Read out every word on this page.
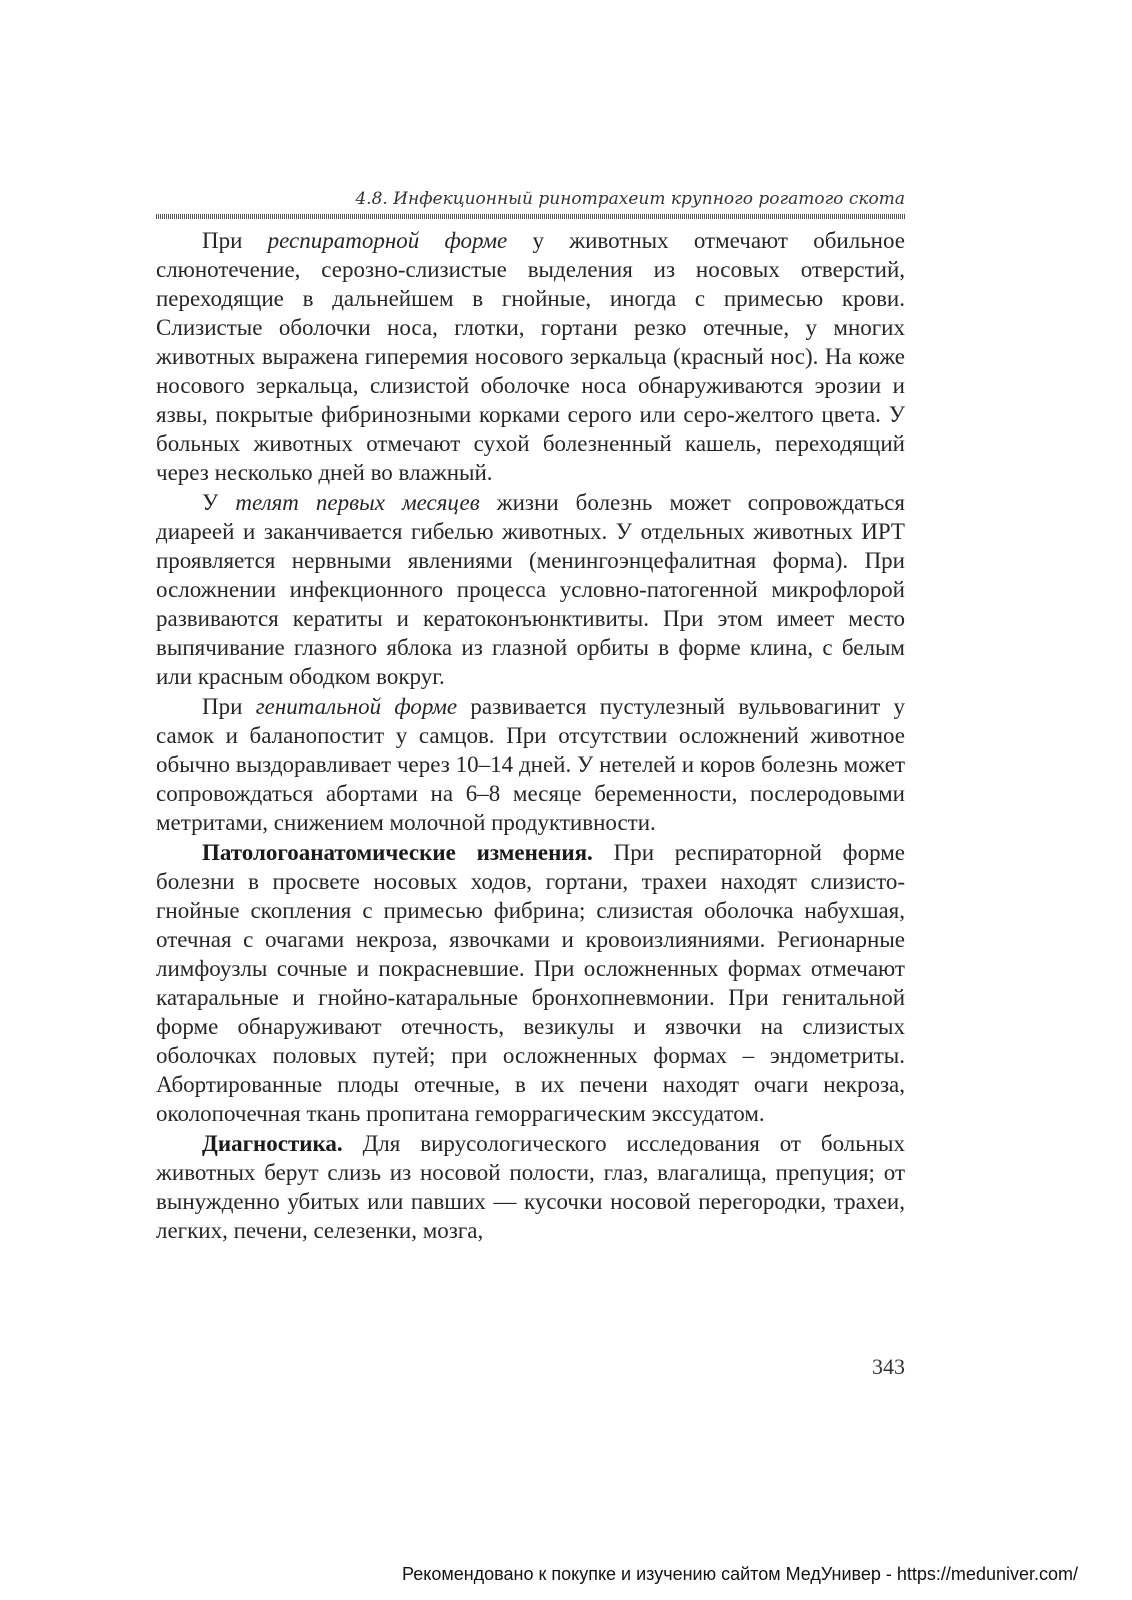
4.8. Инфекционный ринотрахеит крупного рогатого скота

При респираторной форме у животных отмечают обильное слюнотечение, серозно-слизистые выделения из носовых отверстий, переходящие в дальнейшем в гнойные, иногда с примесью крови. Слизистые оболочки носа, глотки, гортани резко отечные, у многих животных выражена гиперемия носового зеркальца (красный нос). На коже носового зеркальца, слизистой оболочке носа обнаруживаются эрозии и язвы, покрытые фибринозными корками серого или серо-желтого цвета. У больных животных отмечают сухой болезненный кашель, переходящий через несколько дней во влажный.

У телят первых месяцев жизни болезнь может сопровождаться диареей и заканчивается гибелью животных. У отдельных животных ИРТ проявляется нервными явлениями (менингоэнцефалитная форма). При осложнении инфекционного процесса условно-патогенной микрофлорой развиваются кератиты и кератоконъюнктивиты. При этом имеет место выпячивание глазного яблока из глазной орбиты в форме клина, с белым или красным ободком вокруг.

При генитальной форме развивается пустулезный вульвовагинит у самок и баланопостит у самцов. При отсутствии осложнений животное обычно выздоравливает через 10–14 дней. У нетелей и коров болезнь может сопровождаться абортами на 6–8 месяце беременности, послеродовыми метритами, снижением молочной продуктивности.

Патологоанатомические изменения. При респираторной форме болезни в просвете носовых ходов, гортани, трахеи находят слизисто-гнойные скопления с примесью фибрина; слизистая оболочка набухшая, отечная с очагами некроза, язвочками и кровоизлияниями. Регионарные лимфоузлы сочные и покрасневшие. При осложненных формах отмечают катаральные и гнойно-катаральные бронхопневмонии. При генитальной форме обнаруживают отечность, везикулы и язвочки на слизистых оболочках половых путей; при осложненных формах – эндометриты. Абортированные плоды отечные, в их печени находят очаги некроза, околопочечная ткань пропитана геморрагическим экссудатом.

Диагностика. Для вирусологического исследования от больных животных берут слизь из носовой полости, глаз, влагалища, препуция; от вынужденно убитых или павших — кусочки носовой перегородки, трахеи, легких, печени, селезенки, мозга,

343
Рекомендовано к покупке и изучению сайтом МедУнивер - https://meduniver.com/
